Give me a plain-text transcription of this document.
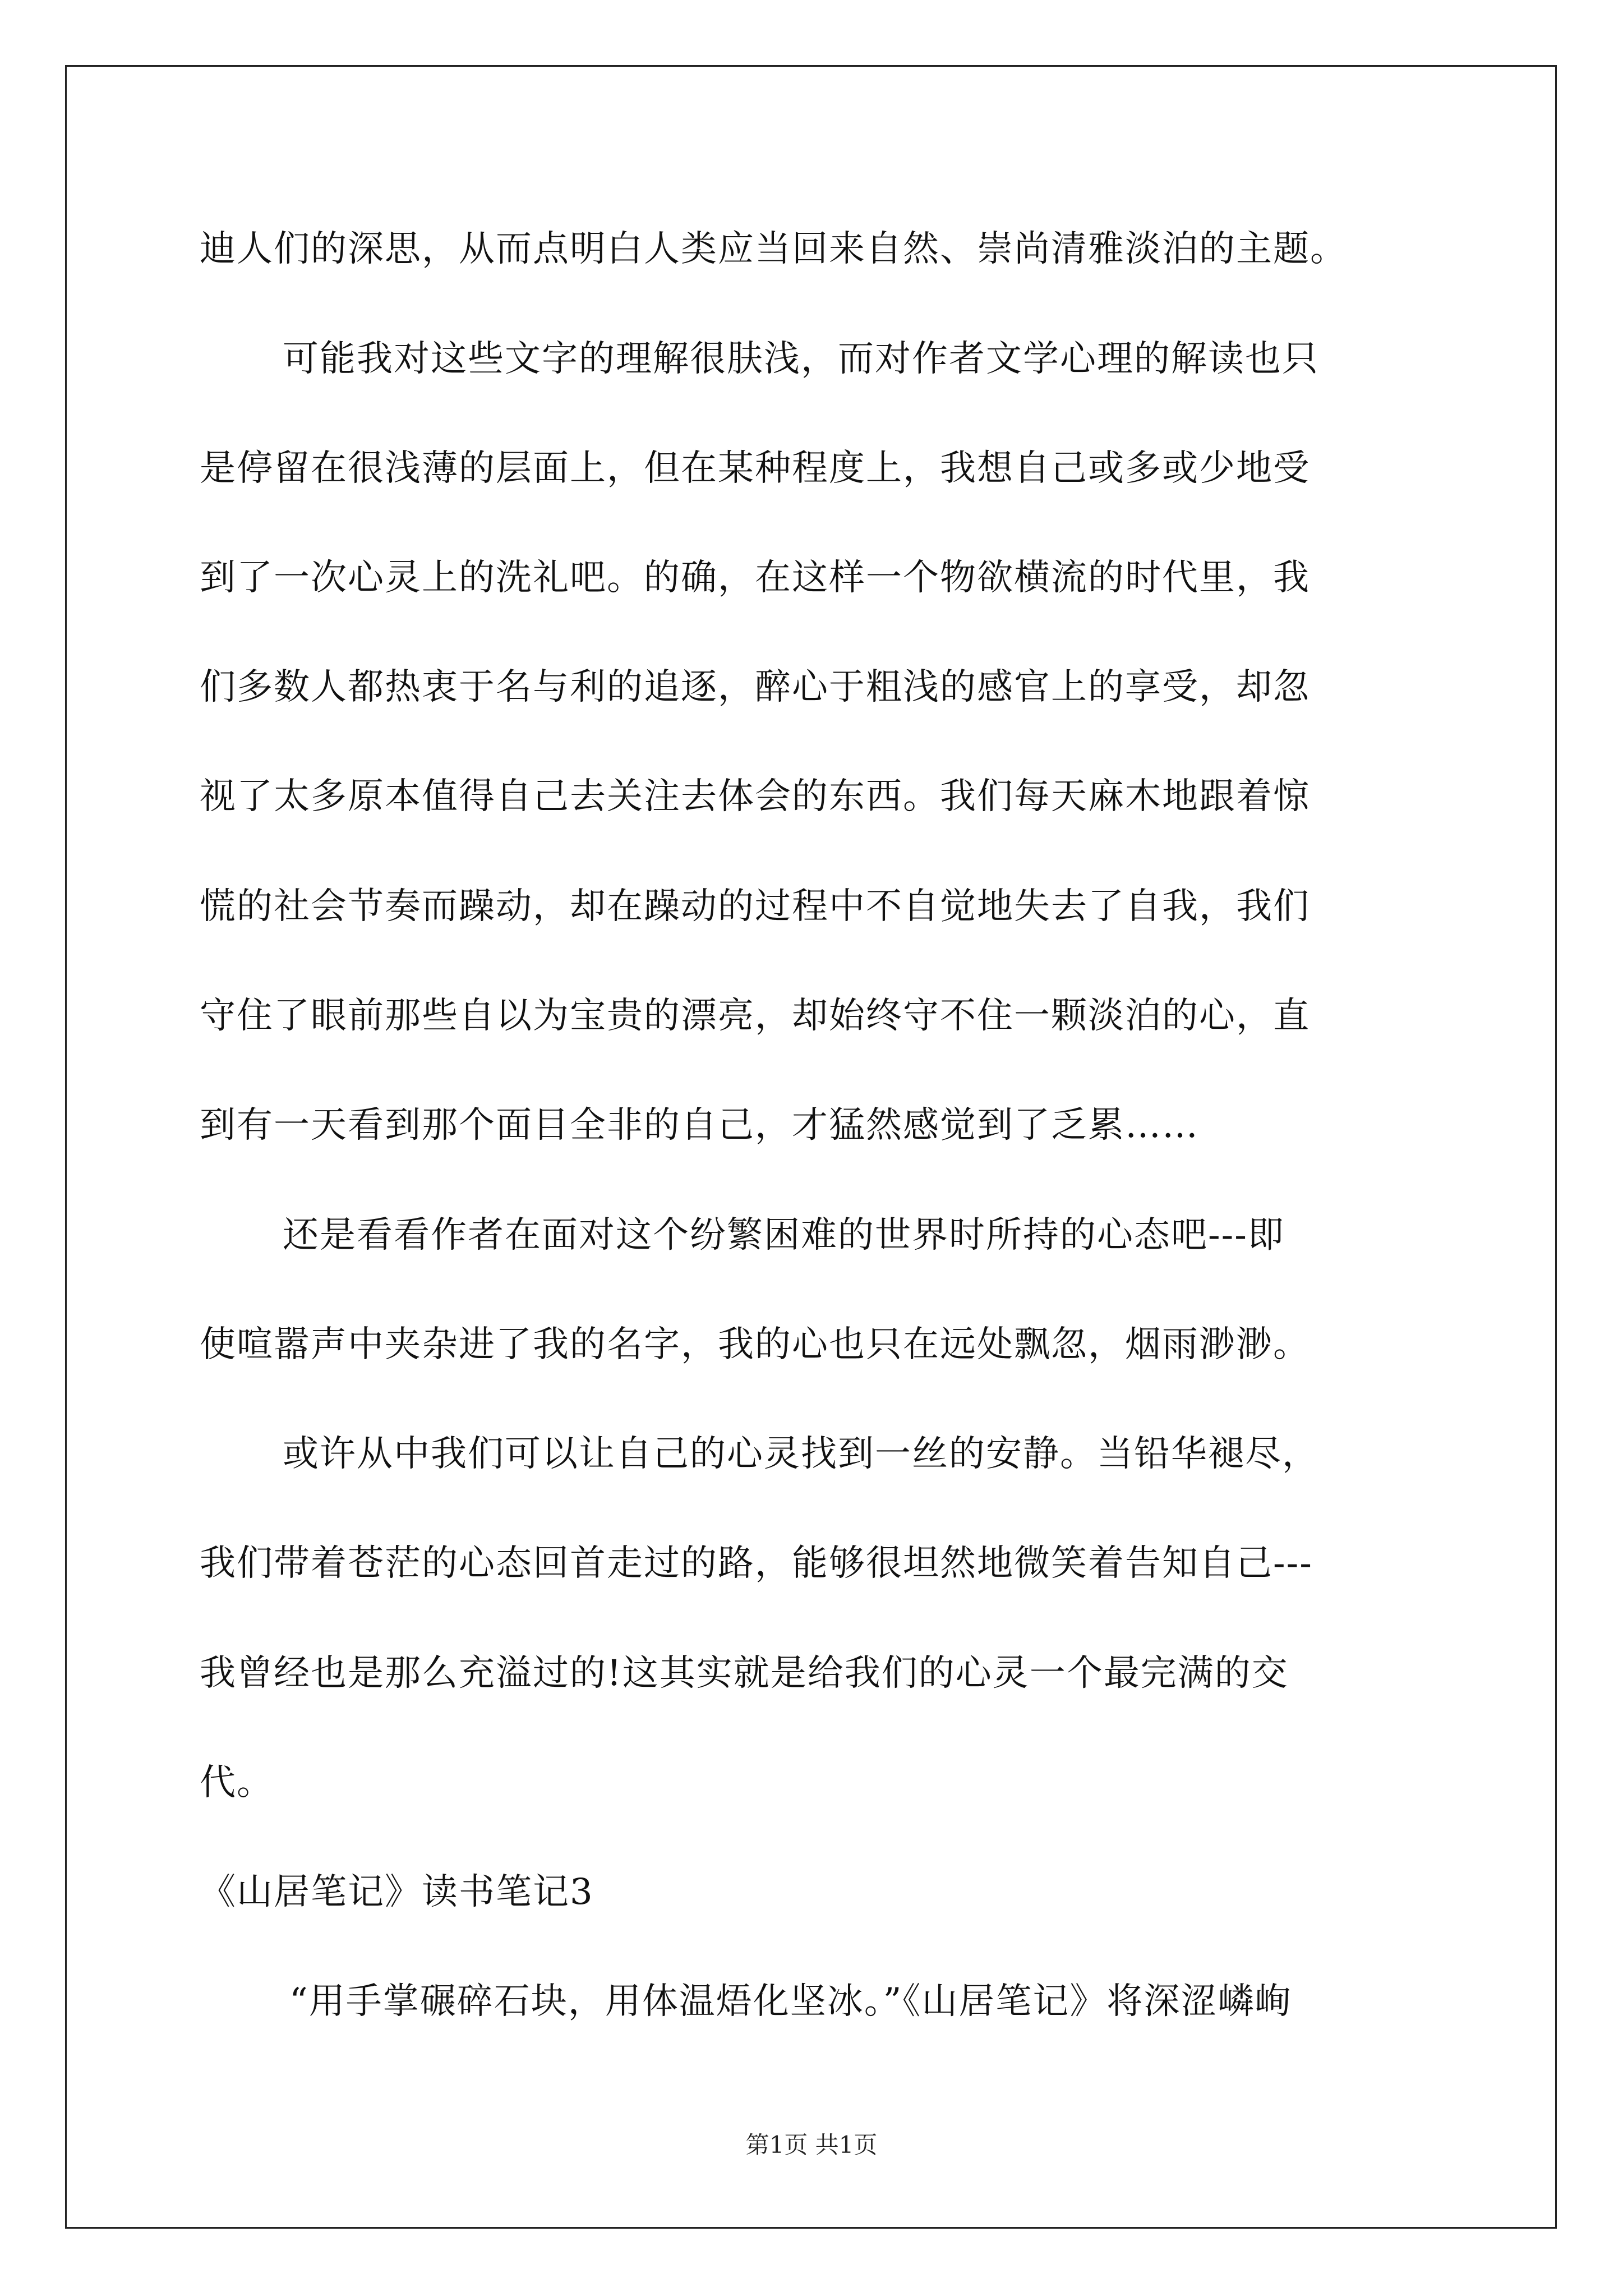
迪人们的深思，从而点明白人类应当回来自然、崇尚清雅淡泊的主题。
可能我对这些文字的理解很肤浅，而对作者文学心理的解读也只
是停留在很浅薄的层面上，但在某种程度上，我想自己或多或少地受
到了一次心灵上的洗礼吧。的确，在这样一个物欲横流的时代里，我
们多数人都热衷于名与利的追逐，醉心于粗浅的感官上的享受，却忽
视了太多原本值得自己去关注去体会的东西。我们每天麻木地跟着惊
慌的社会节奏而躁动，却在躁动的过程中不自觉地失去了自我，我们
守住了眼前那些自以为宝贵的漂亮，却始终守不住一颗淡泊的心，直
到有一天看到那个面目全非的自己，才猛然感觉到了乏累……
还是看看作者在面对这个纷繁困难的世界时所持的心态吧---即
使喧嚣声中夹杂进了我的名字，我的心也只在远处飘忽，烟雨渺渺。
或许从中我们可以让自己的心灵找到一丝的安静。当铅华褪尽，
我们带着苍茫的心态回首走过的路，能够很坦然地微笑着告知自己---
我曾经也是那么充溢过的!这其实就是给我们的心灵一个最完满的交
代。
《山居笔记》读书笔记3
“用手掌碾碎石块，用体温焐化坚冰。”《山居笔记》将深涩嶙峋
第1页 共1页
